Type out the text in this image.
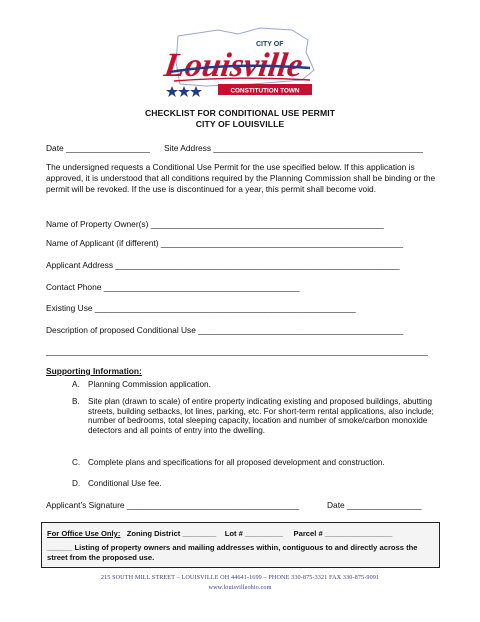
CITY OF
Louisville
CONSTITUTION TOWN
CHECKLIST FOR CONDITIONAL USE PERMIT
CITY OF LOUISVILLE
Date __________________ Site Address _____________________________________________
The undersigned requests a Conditional Use Permit for the use specified below. If this application is approved, it is understood that all conditions required by the Planning Commission shall be binding or the permit will be revoked. If the use is discontinued for a year, this permit shall become void.
Name of Property Owner(s) __________________________________________________
Name of Applicant (if different) ____________________________________________________
Applicant Address _____________________________________________________________
Contact Phone __________________________________________
Existing Use ________________________________________________________
Description of proposed Conditional Use ____________________________________________
__________________________________________________________________________________
Supporting Information:
A. Planning Commission application.
B. Site plan (drawn to scale) of entire property indicating existing and proposed buildings, abutting streets, building setbacks, lot lines, parking, etc. For short-term rental applications, also include; number of bedrooms, total sleeping capacity, location and number of smoke/carbon monoxide detectors and all points of entry into the dwelling.
C. Complete plans and specifications for all proposed development and construction.
D. Conditional Use fee.
Applicant’s Signature _____________________________________	Date ________________
For Office Use Only: Zoning District ________ Lot # _________ Parcel # ________________
______ Listing of property owners and mailing addresses within, contiguous to and directly across the street from the proposed use.
215 SOUTH MILL STREET – LOUISVILLE OH 44641-1699 – PHONE 330-875-3321 FAX 330-875-9091
www.louisvilleohio.com
